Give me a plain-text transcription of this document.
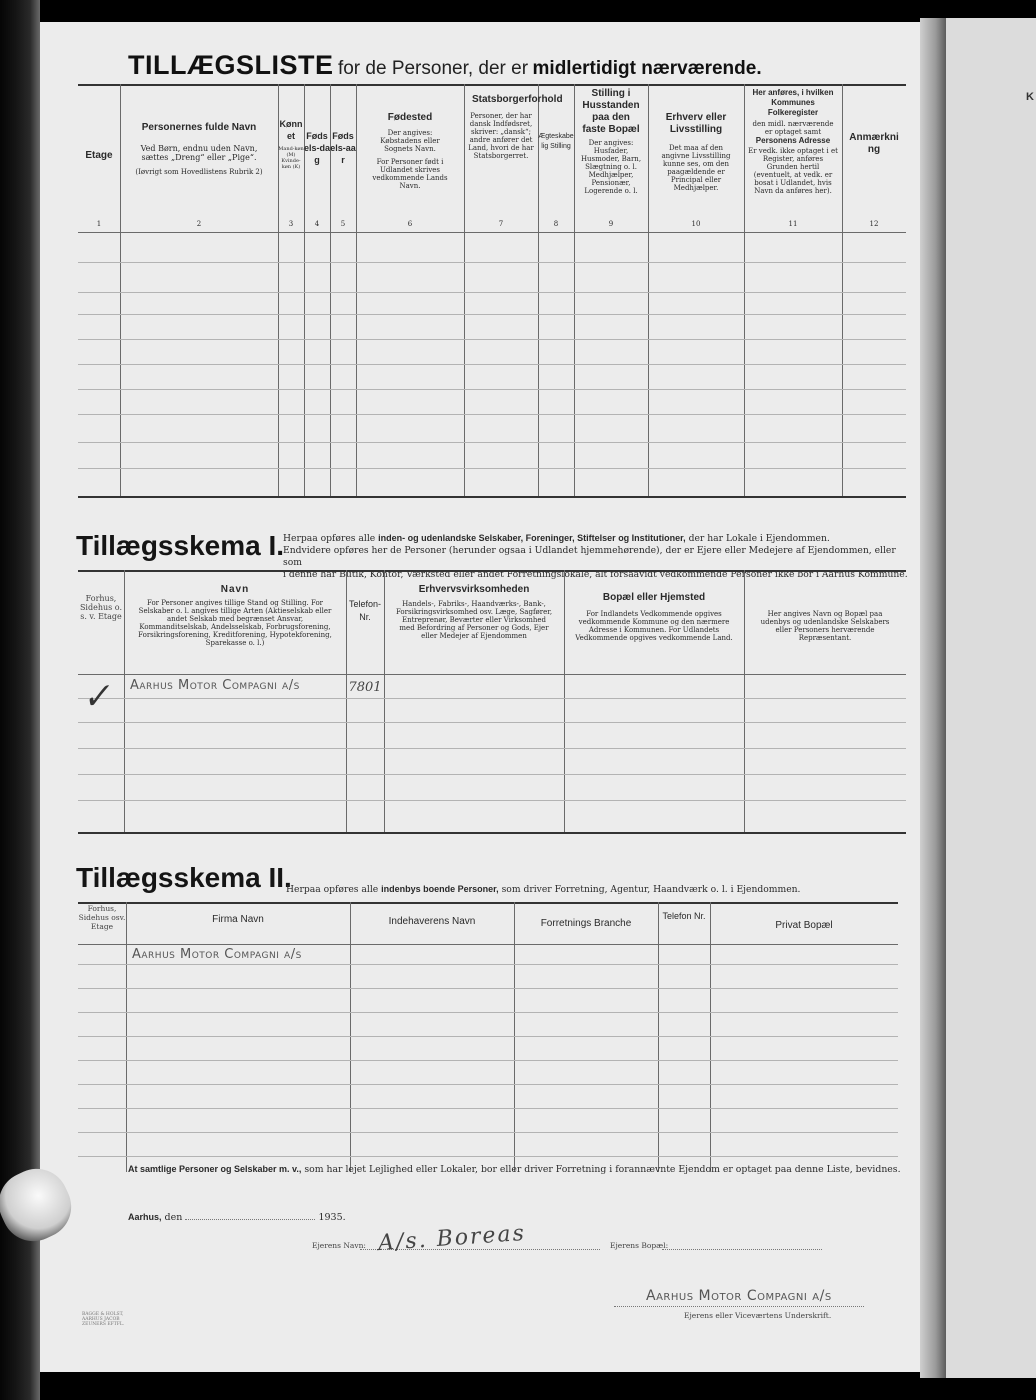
K
TILLÆGSLISTE for de Personer, der er midlertidigt nærværende.
Etage
1
Personernes fulde Navn
Ved Børn, endnu uden Navn, sættes „Dreng“ eller „Pige“.
(Iøvrigt som Hovedlistens Rubrik 2)
2
Kønnet
Mand-køn (M) Kvinde-køn (K)
3
Fødsels-dag
4
Fødsels-aar
5
Fødested
Der angives: Købstadens eller Sognets Navn.
For Personer født i Udlandet skrives vedkommende Lands Navn.
6
Statsborgerforhold
Personer, der har dansk Indfødsret, skriver: „dansk“; andre anfører det Land, hvori de har Statsborgerret.
7
Ægteskabelig Stilling
8
Stilling i Husstanden paa den faste Bopæl
Der angives: Husfader, Husmoder, Barn, Slægtning o. l. Medhjælper, Pensionær, Logerende o. l.
9
Erhverv eller Livsstilling
Det maa af den angivne Livsstilling kunne ses, om den paagældende er Principal eller Medhjælper.
10
Her anføres, i hvilken Kommunes Folkeregister
den midl. nærværende er optaget samt
Personens Adresse
Er vedk. ikke optaget i et Register, anføres Grunden hertil (eventuelt, at vedk. er bosat i Udlandet, hvis Navn da anføres her).
11
Anmærkning
12
Tillægsskema I.
Herpaa opføres alle inden- og udenlandske Selskaber, Foreninger, Stiftelser og Institutioner, der har Lokale i Ejendommen.
Endvidere opføres her de Personer (herunder ogsaa i Udlandet hjemmehørende), der er Ejere eller Medejere af Ejendommen, eller som
i denne har Butik, Kontor, Værksted eller andet Forretningslokale, alt forsaavidt vedkommende Personer ikke bor i Aarhus Kommune.
Forhus, Sidehus o. s. v. Etage
Navn
For Personer angives tillige Stand og Stilling. For Selskaber o. l. angives tillige Arten (Aktieselskab eller andet Selskab med begrænset Ansvar, Kommanditselskab, Andelsselskab, Forbrugsforening, Forsikringsforening, Kreditforening, Hypotekforening, Sparekasse o. l.)
Telefon-Nr.
Erhvervsvirksomheden
Handels-, Fabriks-, Haandværks-, Bank-, Forsikringsvirksomhed osv. Læge, Sagfører, Entreprenør, Beværter eller Virksomhed med Befordring af Personer og Gods, Ejer eller Medejer af Ejendommen
Bopæl eller Hjemsted
For Indlandets Vedkommende opgives vedkommende Kommune og den nærmere Adresse i Kommunen. For Udlandets Vedkommende opgives vedkommende Land.
Her angives Navn og Bopæl paa udenbys og udenlandske Selskabers eller Personers herværende Repræsentant.
✓ Aarhus Motor Compagni a/s	7801
Tillægsskema II.
Herpaa opføres alle indenbys boende Personer, som driver Forretning, Agentur, Haandværk o. l. i Ejendommen.
Forhus, Sidehus osv. Etage
Firma Navn	Indehaverens Navn	Forretnings Branche
Telefon Nr.
Privat Bopæl
Aarhus Motor Compagni a/s
At samtlige Personer og Selskaber m. v., som har lejet Lejlighed eller Lokaler, bor eller driver Forretning i forannævnte Ejendom er optaget paa denne Liste, bevidnes.
Aarhus, den	1935.
Ejerens Navn: A/s. Boreas	Ejerens Bopæl:
Aarhus Motor Compagni a/s
Ejerens eller Viceværtens Underskrift.
BAGGE & HOLST, AARHUS JACOB ZEUNERS EFTFL.
